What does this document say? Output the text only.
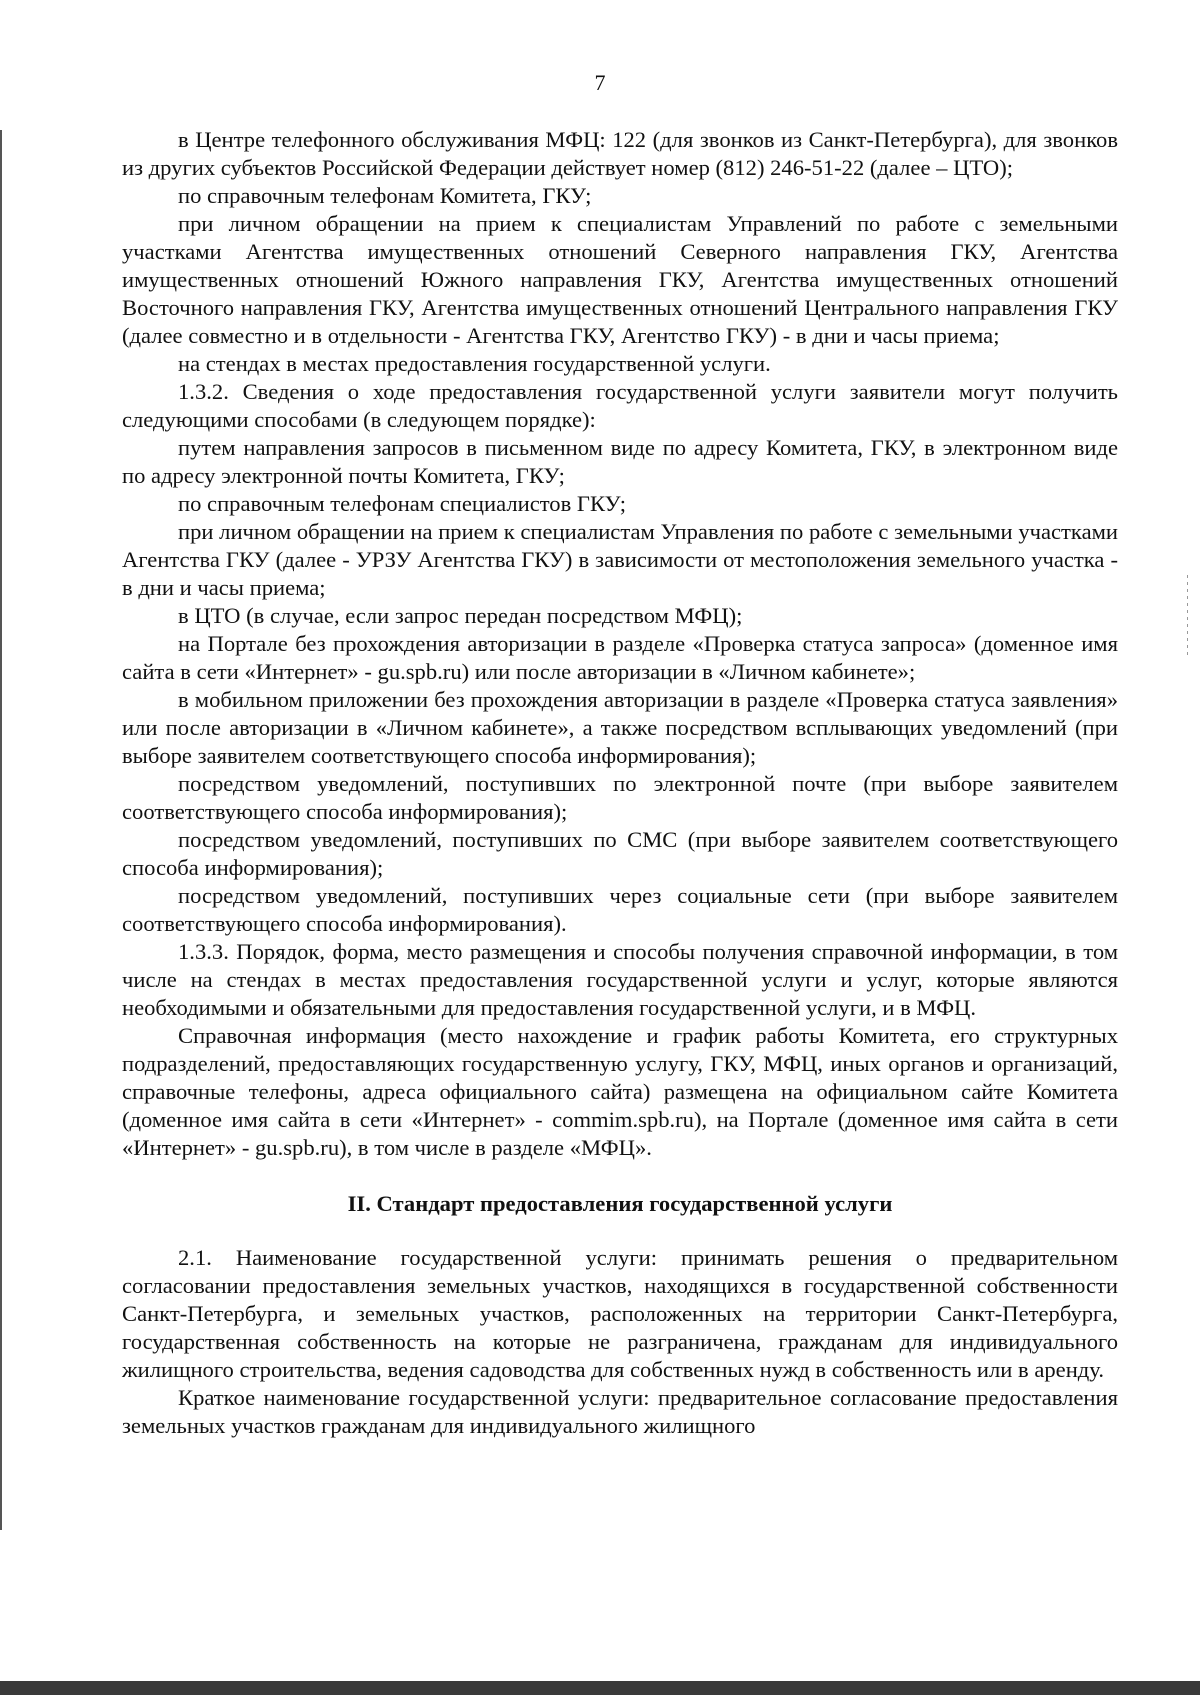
7

в Центре телефонного обслуживания МФЦ: 122 (для звонков из Санкт-Петербурга), для звонков из других субъектов Российской Федерации действует номер (812) 246-51-22 (далее – ЦТО);

по справочным телефонам Комитета, ГКУ;

при личном обращении на прием к специалистам Управлений по работе с земельными участками Агентства имущественных отношений Северного направления ГКУ, Агентства имущественных отношений Южного направления ГКУ, Агентства имущественных отношений Восточного направления ГКУ, Агентства имущественных отношений Центрального направления ГКУ (далее совместно и в отдельности - Агентства ГКУ, Агентство ГКУ) - в дни и часы приема;

на стендах в местах предоставления государственной услуги.

1.3.2. Сведения о ходе предоставления государственной услуги заявители могут получить следующими способами (в следующем порядке):

путем направления запросов в письменном виде по адресу Комитета, ГКУ, в электронном виде по адресу электронной почты Комитета, ГКУ;

по справочным телефонам специалистов ГКУ;

при личном обращении на прием к специалистам Управления по работе с земельными участками Агентства ГКУ (далее - УРЗУ Агентства ГКУ) в зависимости от местоположения земельного участка - в дни и часы приема;

в ЦТО (в случае, если запрос передан посредством МФЦ);

на Портале без прохождения авторизации в разделе «Проверка статуса запроса» (доменное имя сайта в сети «Интернет» - gu.spb.ru) или после авторизации в «Личном кабинете»;

в мобильном приложении без прохождения авторизации в разделе «Проверка статуса заявления» или после авторизации в «Личном кабинете», а также посредством всплывающих уведомлений (при выборе заявителем соответствующего способа информирования);

посредством уведомлений, поступивших по электронной почте (при выборе заявителем соответствующего способа информирования);

посредством уведомлений, поступивших по СМС (при выборе заявителем соответствующего способа информирования);

посредством уведомлений, поступивших через социальные сети (при выборе заявителем соответствующего способа информирования).

1.3.3. Порядок, форма, место размещения и способы получения справочной информации, в том числе на стендах в местах предоставления государственной услуги и услуг, которые являются необходимыми и обязательными для предоставления государственной услуги, и в МФЦ.

Справочная информация (место нахождение и график работы Комитета, его структурных подразделений, предоставляющих государственную услугу, ГКУ, МФЦ, иных органов и организаций, справочные телефоны, адреса официального сайта) размещена на официальном сайте Комитета (доменное имя сайта в сети «Интернет» - commim.spb.ru), на Портале (доменное имя сайта в сети «Интернет» - gu.spb.ru), в том числе в разделе «МФЦ».

II. Стандарт предоставления государственной услуги

2.1. Наименование государственной услуги: принимать решения о предварительном согласовании предоставления земельных участков, находящихся в государственной собственности Санкт-Петербурга, и земельных участков, расположенных на территории Санкт-Петербурга, государственная собственность на которые не разграничена, гражданам для индивидуального жилищного строительства, ведения садоводства для собственных нужд в собственность или в аренду.

Краткое наименование государственной услуги: предварительное согласование предоставления земельных участков гражданам для индивидуального жилищного
